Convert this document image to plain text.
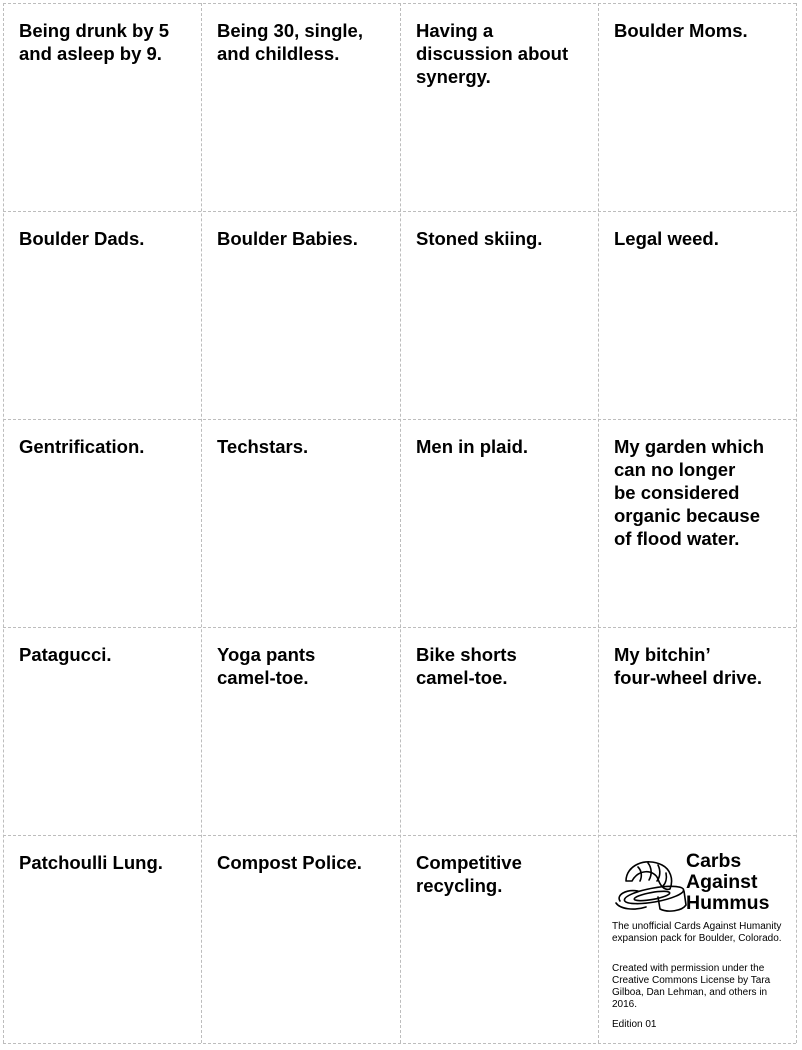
Being drunk by 5
and asleep by 9.
Being 30, single,
and childless.
Having a
discussion about
synergy.
Boulder Moms.
Boulder Dads.	Boulder Babies.	Stoned skiing.	Legal weed.
Gentrification.	Techstars.	Men in plaid.	My garden which
can no longer
be considered
organic because
of flood water.
Patagucci.	Yoga pants
camel-toe.
Bike shorts
camel-toe.
My bitchin’
four-wheel drive.
Patchoulli Lung.	Compost Police.	Competitive
recycling.
Carbs
Against
Hummus
The unofficial Cards Against Humanity expansion pack for Boulder, Colorado.
Created with permission under the Creative Commons License by Tara Gilboa, Dan Lehman, and others in 2016.
Edition 01
